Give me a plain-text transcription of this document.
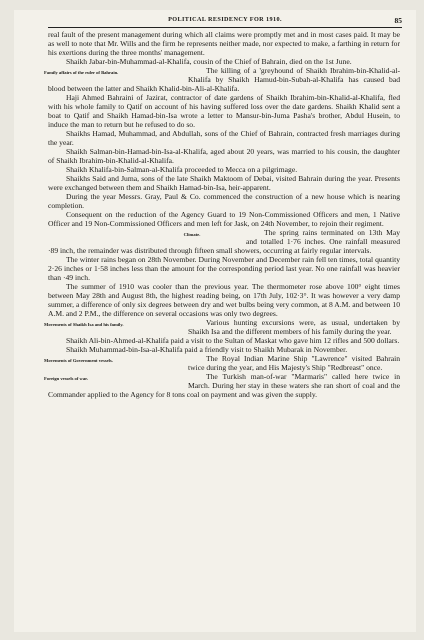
POLITICAL RESIDENCY FOR 1910.	85

real fault of the present management during which all claims were promptly met and in most cases paid. It may be as well to note that Mr. Wills and the firm he represents neither made, nor expected to make, a farthing in return for his exertions during the three months' management.

Shaikh Jabar-bin-Muhammad-al-Khalifa, cousin of the Chief of Bahrain, died on the 1st June.

Family affairs of the ruler of Bahrain.	The killing of a 'greyhound of Shaikh Ibrahim-bin-Khalid-al-Khalifa by Shaikh Hamud-bin-Subah-al-Khalifa has caused bad blood between the latter and Shaikh Khalid-bin-Ali-al-Khalifa.

Haji Ahmed Bahraini of Jazirat, contractor of date gardens of Shaikh Ibrahim-bin-Khalid-al-Khalifa, fled with his whole family to Qatif on account of his having suffered loss over the date gardens. Shaikh Khalid sent a boat to Qatif and Shaikh Hamad-bin-Isa wrote a letter to Mansur-bin-Juma Pasha's brother, Abdul Husein, to induce the man to return but he refused to do so.

Shaikhs Hamad, Muhammad, and Abdullah, sons of the Chief of Bahrain, contracted fresh marriages during the year.

Shaikh Salman-bin-Hamad-bin-Isa-al-Khalifa, aged about 20 years, was married to his cousin, the daughter of Shaikh Ibrahim-bin-Khalid-al-Khalifa.

Shaikh Khalifa-bin-Salman-al-Khalifa proceeded to Mecca on a pilgrimage.

Shaikhs Said and Juma, sons of the late Shaikh Maktoom of Debai, visited Bahrain during the year. Presents were exchanged between them and Shaikh Hamad-bin-Isa, heir-apparent.

During the year Messrs. Gray, Paul & Co. commenced the construction of a new house which is nearing completion.

Consequent on the reduction of the Agency Guard to 19 Non-Commissioned Officers and men, 1 Native Officer and 19 Non-Commissioned Officers and men left for Jask, on 24th November, to rejoin their regiment.

Climate.	The spring rains terminated on 13th May and totalled 1·76 inches. One rainfall measured ·89 inch, the remainder was distributed through fifteen small showers, occurring at fairly regular intervals.

The winter rains began on 28th November. During November and December rain fell ten times, total quantity 2·26 inches or 1·58 inches less than the amount for the corresponding period last year. No one rainfall was heavier than ·49 inch.

The summer of 1910 was cooler than the previous year. The thermometer rose above 100° eight times between May 28th and August 8th, the highest reading being, on 17th July, 102·3°. It was however a very damp summer, a difference of only six degrees between dry and wet bulbs being very common, at 8 A.M. and between 10 A.M. and 2 P.M., the difference on several occasions was only two degrees.

Movements of Shaikh Isa and his family.	Various hunting excursions were, as usual, undertaken by Shaikh Isa and the different members of his family during the year.

Shaikh Ali-bin-Ahmed-al-Khalifa paid a visit to the Sultan of Maskat who gave him 12 rifles and 500 dollars.

Shaikh Muhammad-bin-Isa-al-Khalifa paid a friendly visit to Shaikh Mubarak in November.

Movements of Government vessels.	The Royal Indian Marine Ship "Lawrence" visited Bahrain twice during the year, and His Majesty's Ship "Redbreast" once.

Foreign vessels of war.	The Turkish man-of-war "Marmaris" called here twice in March. During her stay in these waters she ran short of coal and the Commander applied to the Agency for 8 tons coal on payment and was given the supply.
